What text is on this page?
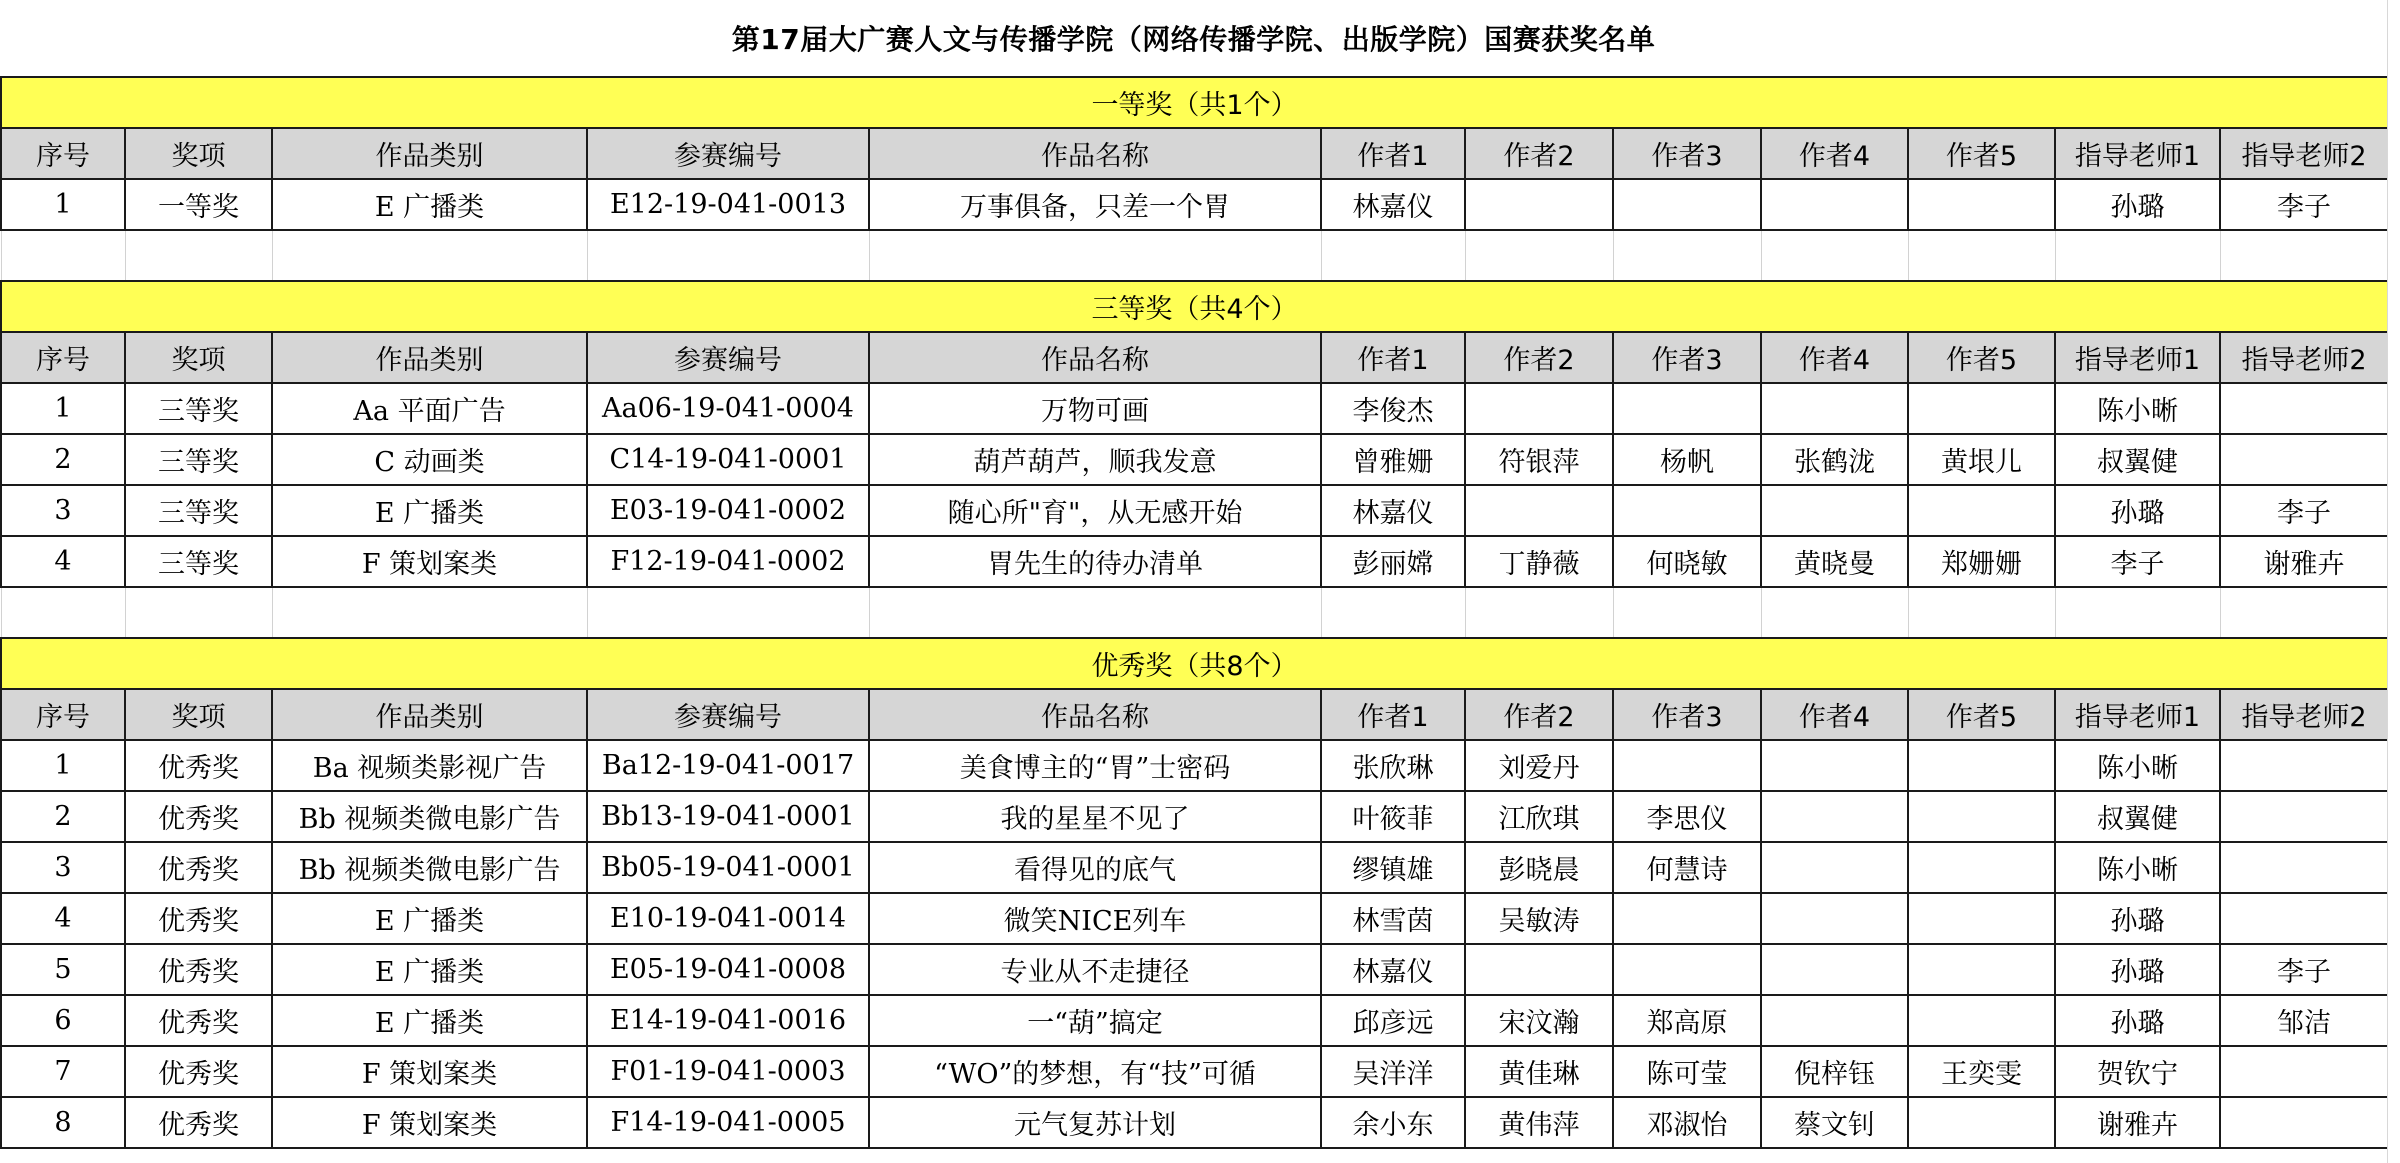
第17届大广赛人文与传播学院（网络传播学院、出版学院）国赛获奖名单
一等奖（共1个）											
序号	奖项	作品类别	参赛编号	作品名称	作者1	作者2	作者3	作者4	作者5	指导老师1	指导老师2
1	一等奖	E 广播类	E12-19-041-0013	万事俱备，只差一个胃	林嘉仪					孙璐	李子

三等奖（共4个）											
序号	奖项	作品类别	参赛编号	作品名称	作者1	作者2	作者3	作者4	作者5	指导老师1	指导老师2
1	三等奖	Aa 平面广告	Aa06-19-041-0004	万物可画	李俊杰					陈小晰	
2	三等奖	C 动画类	C14-19-041-0001	葫芦葫芦，顺我发意	曾雅姗	符银萍	杨帆	张鹤泷	黄垠儿	叔翼健	
3	三等奖	E 广播类	E03-19-041-0002	随心所"育"，从无感开始	林嘉仪					孙璐	李子
4	三等奖	F 策划案类	F12-19-041-0002	胃先生的待办清单	彭丽嫦	丁静薇	何晓敏	黄晓曼	郑姗姗	李子	谢雅卉

优秀奖（共8个）											
序号	奖项	作品类别	参赛编号	作品名称	作者1	作者2	作者3	作者4	作者5	指导老师1	指导老师2
1	优秀奖	Ba 视频类影视广告	Ba12-19-041-0017	美食博主的“胃”士密码	张欣琳	刘爱丹				陈小晰	
2	优秀奖	Bb 视频类微电影广告	Bb13-19-041-0001	我的星星不见了	叶筱菲	江欣琪	李思仪			叔翼健	
3	优秀奖	Bb 视频类微电影广告	Bb05-19-041-0001	看得见的底气	缪镇雄	彭晓晨	何慧诗			陈小晰	
4	优秀奖	E 广播类	E10-19-041-0014	微笑NICE列车	林雪茵	吴敏涛				孙璐	
5	优秀奖	E 广播类	E05-19-041-0008	专业从不走捷径	林嘉仪					孙璐	李子
6	优秀奖	E 广播类	E14-19-041-0016	一“葫”搞定	邱彦远	宋汶瀚	郑高原			孙璐	邹洁
7	优秀奖	F 策划案类	F01-19-041-0003	“WO”的梦想，有“技”可循	吴洋洋	黄佳琳	陈可莹	倪梓钰	王奕雯	贺钦宁	
8	优秀奖	F 策划案类	F14-19-041-0005	元气复苏计划	余小东	黄伟萍	邓淑怡	蔡文钊		谢雅卉	
